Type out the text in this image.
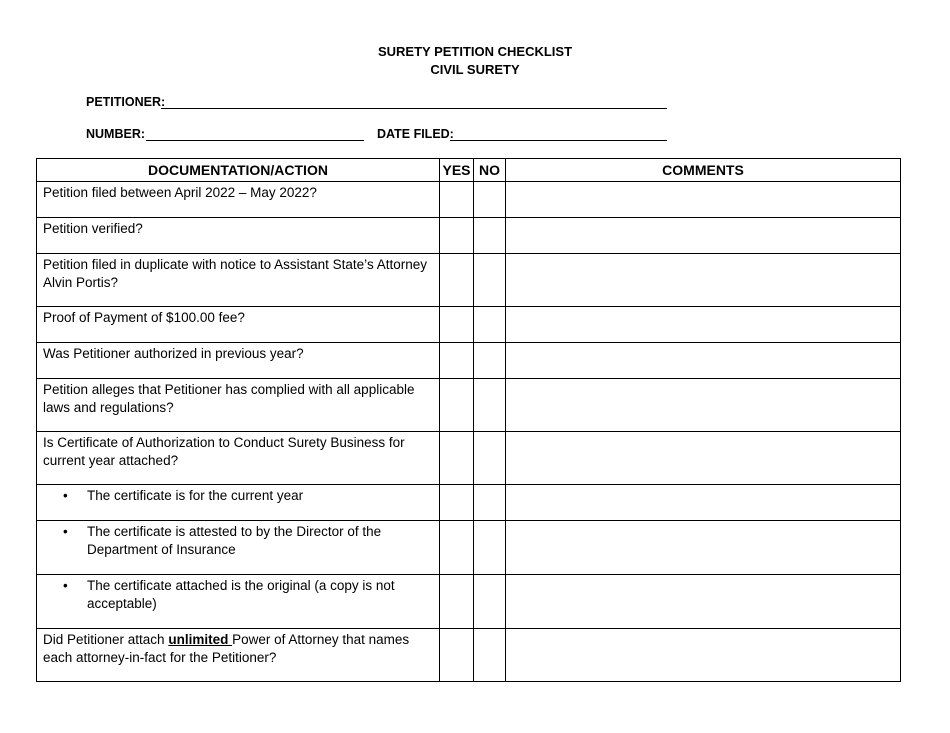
SURETY PETITION CHECKLIST
CIVIL SURETY
PETITIONER:
NUMBER:	DATE FILED:
DOCUMENTATION/ACTION	YES	NO	COMMENTS

Petition filed between April 2022 – May 2022?			

Petition verified?			

Petition filed in duplicate with notice to Assistant State’s Attorney Alvin Portis?			

Proof of Payment of $100.00 fee?			

Was Petitioner authorized in previous year?			

Petition alleges that Petitioner has complied with all applicable laws and regulations?			

Is Certificate of Authorization to Conduct Surety Business for current year attached?			

• The certificate is for the current year			

• The certificate is attested to by the Director of the Department of Insurance			

• The certificate attached is the original (a copy is not acceptable)			

Did Petitioner attach unlimited Power of Attorney that names each attorney-in-fact for the Petitioner?			
